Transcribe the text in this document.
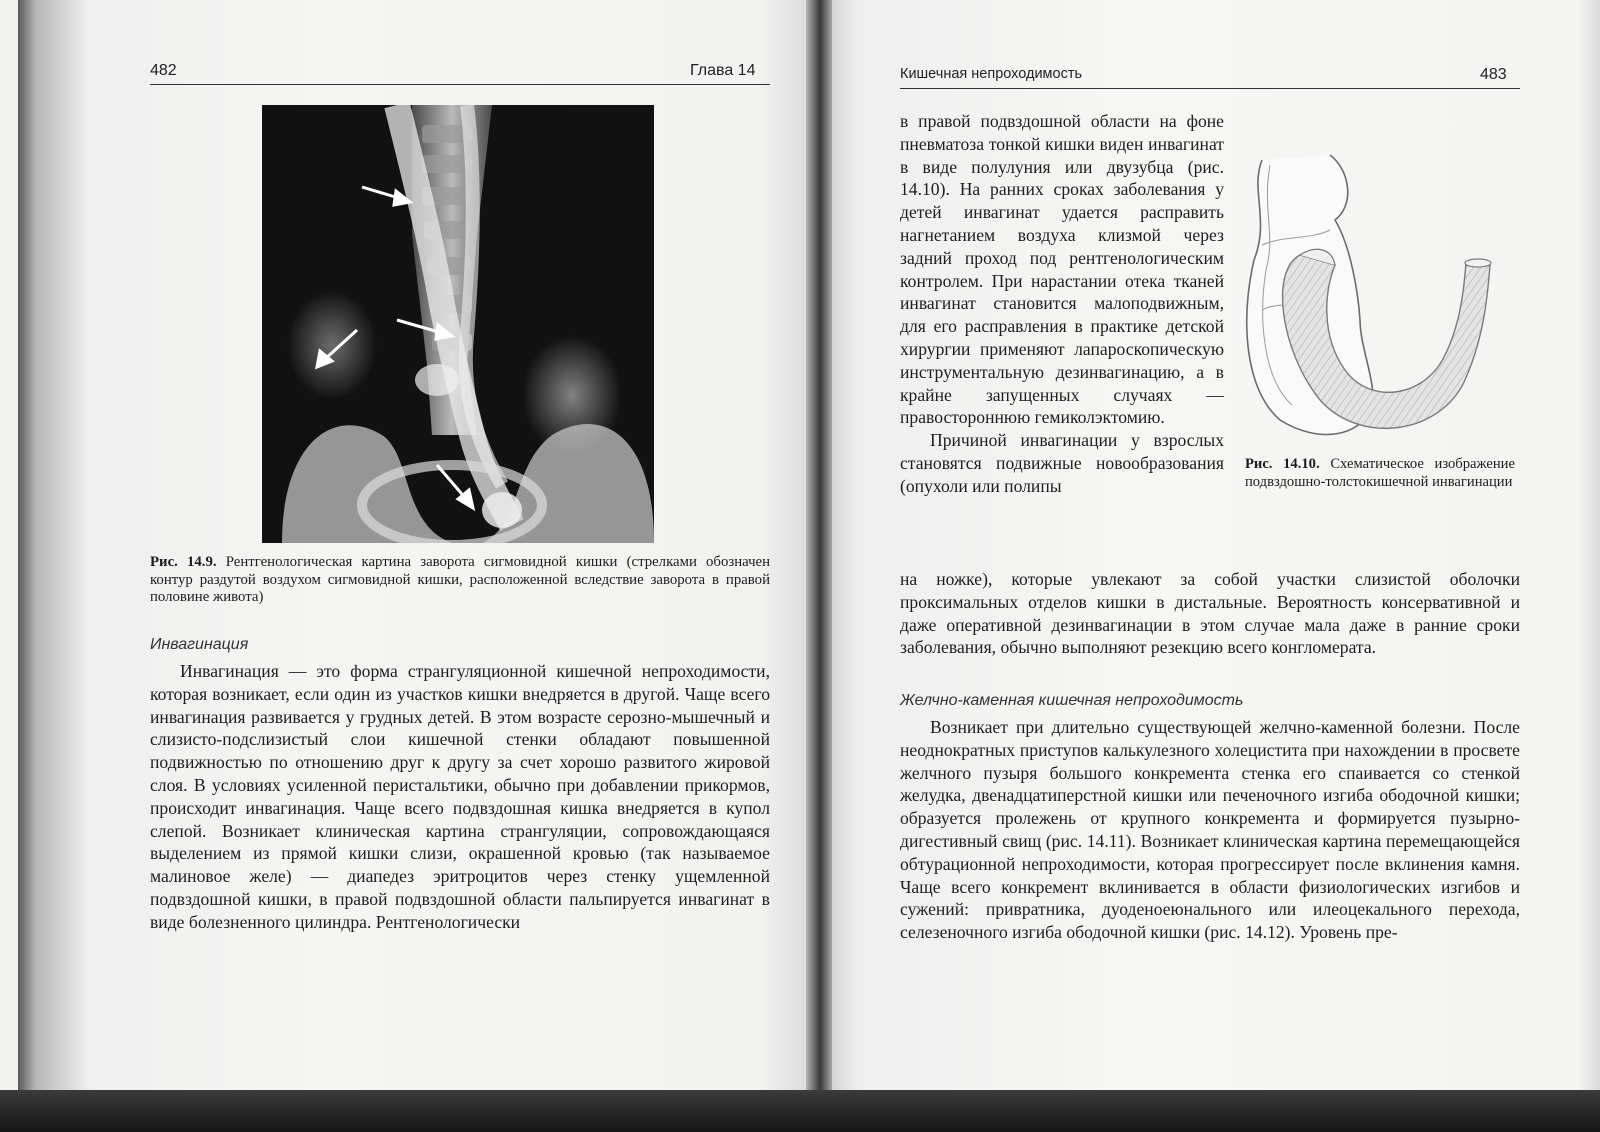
482	Глава 14
Рис. 14.9. Рентгенологическая картина заворота сигмовидной кишки (стрелками обозначен контур раздутой воздухом сигмовидной кишки, расположенной вследствие заворота в правой половине живота)
Инвагинация

Инвагинация — это форма странгуляционной кишечной непроходимости, которая возникает, если один из участков кишки внедряется в другой. Чаще всего инвагинация развивается у грудных детей. В этом возрасте серозно-мышечный и слизисто-подслизистый слои кишечной стенки обладают повышенной подвижностью по отношению друг к другу за счет хорошо развитого жировой слоя. В условиях усиленной перистальтики, обычно при добавлении прикормов, происходит инвагинация. Чаще всего подвздошная кишка внедряется в купол слепой. Возникает клиническая картина странгуляции, сопровождающаяся выделением из прямой кишки слизи, окрашенной кровью (так называемое малиновое желе) — диапедез эритроцитов через стенку ущемленной подвздошной кишки, в правой подвздошной области пальпируется инвагинат в виде болезненного цилиндра. Рентгенологически

Кишечная непроходимость	483

в правой подвздошной области на фоне пневматоза тонкой кишки виден инвагинат в виде полулуния или двузубца (рис. 14.10). На ранних сроках заболевания у детей инвагинат удается расправить нагнетанием воздуха клизмой через задний проход под рентгенологическим контролем. При нарастании отека тканей инвагинат становится малоподвижным, для его расправления в практике детской хирургии применяют лапароскопическую инструментальную дезинвагинацию, а в крайне запущенных случаях — правостороннюю гемиколэктомию.

Причиной инвагинации у взрослых становятся подвижные новообразования (опухоли или полипы

Рис. 14.10. Схематическое изображение подвздошно-толстокишечной инвагинации

на ножке), которые увлекают за собой участки слизистой оболочки проксимальных отделов кишки в дистальные. Вероятность консервативной и даже оперативной дезинвагинации в этом случае мала даже в ранние сроки заболевания, обычно выполняют резекцию всего конгломерата.

Желчно-каменная кишечная непроходимость

Возникает при длительно существующей желчно-каменной болезни. После неоднократных приступов калькулезного холецистита при нахождении в просвете желчного пузыря большого конкремента стенка его спаивается со стенкой желудка, двенадцатиперстной кишки или печеночного изгиба ободочной кишки; образуется пролежень от крупного конкремента и формируется пузырно-дигестивный свищ (рис. 14.11). Возникает клиническая картина перемещающейся обтурационной непроходимости, которая прогрессирует после вклинения камня. Чаще всего конкремент вклинивается в области физиологических изгибов и сужений: привратника, дуоденоеюнального или илеоцекального перехода, селезеночного изгиба ободочной кишки (рис. 14.12). Уровень пре-
